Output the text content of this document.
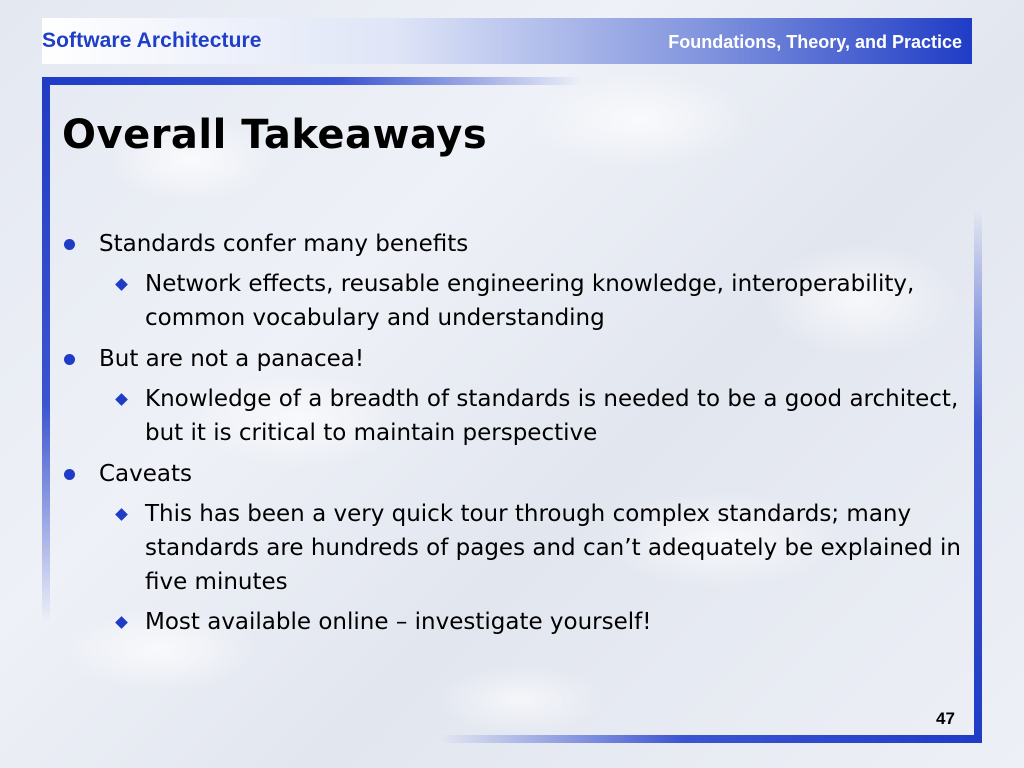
Software Architecture	Foundations, Theory, and Practice
Overall Takeaways
Standards confer many benefits
Network effects, reusable engineering knowledge, interoperability, common vocabulary and understanding
But are not a panacea!
Knowledge of a breadth of standards is needed to be a good architect, but it is critical to maintain perspective
Caveats
This has been a very quick tour through complex standards; many standards are hundreds of pages and can’t adequately be explained in five minutes
Most available online – investigate yourself!
47
